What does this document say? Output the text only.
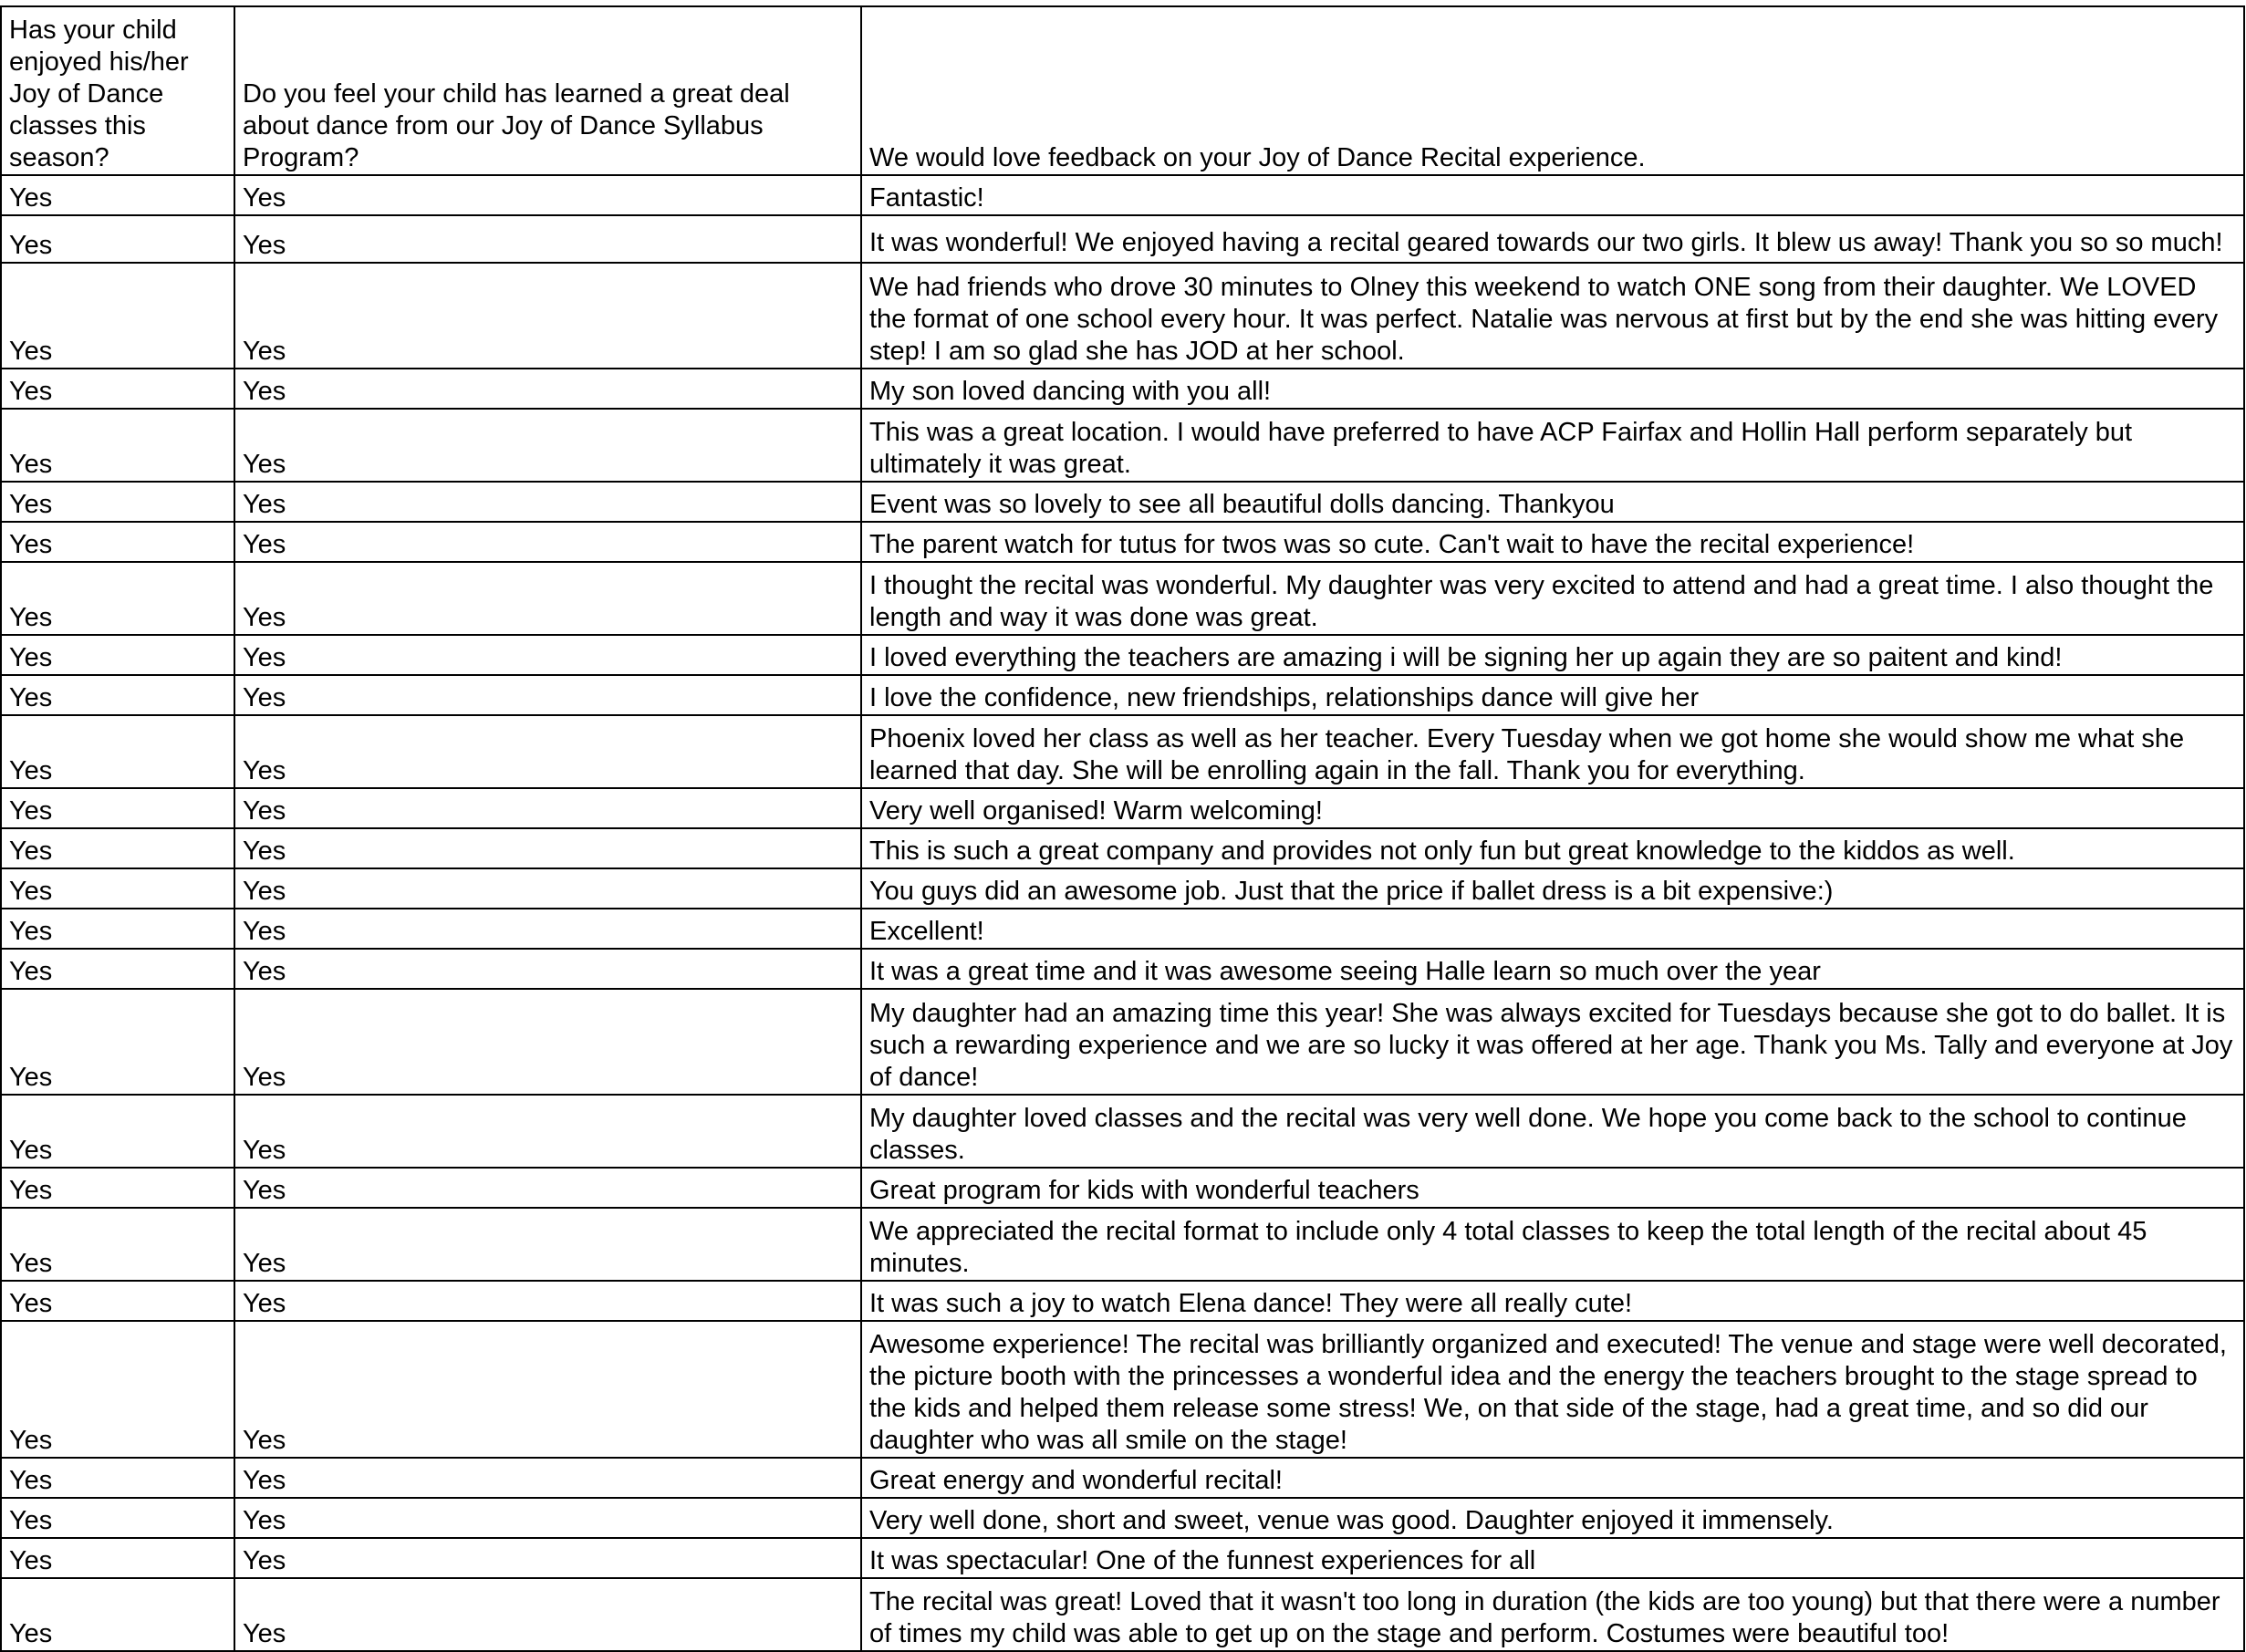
Has your child enjoyed his/her Joy of Dance classes this season?	Do you feel your child has learned a great deal about dance from our Joy of Dance Syllabus Program?	We would love feedback on your Joy of Dance Recital experience.
Yes	Yes	Fantastic!
Yes	Yes	It was wonderful! We enjoyed having a recital geared towards our two girls. It blew us away! Thank you so so much!

Yes	Yes	We had friends who drove 30 minutes to Olney this weekend to watch ONE song from their daughter. We LOVED the format of one school every hour. It was perfect. Natalie was nervous at first but by the end she was hitting every step! I am so glad she has JOD at her school.
Yes	Yes	My son loved dancing with you all!
Yes	Yes	This was a great location. I would have preferred to have ACP Fairfax and Hollin Hall perform separately but ultimately it was great.
Yes	Yes	Event was so lovely to see all beautiful dolls dancing. Thankyou
Yes	Yes	The parent watch for tutus for twos was so cute. Can't wait to have the recital experience!
Yes	Yes	I thought the recital was wonderful. My daughter was very excited to attend and had a great time. I also thought the length and way it was done was great.
Yes	Yes	I loved everything the teachers are amazing i will be signing her up again they are so paitent and kind!
Yes	Yes	I love the confidence, new friendships, relationships dance will give her
Yes	Yes	Phoenix loved her class as well as her teacher. Every Tuesday when we got home she would show me what she learned that day. She will be enrolling again in the fall. Thank you for everything.
Yes	Yes	Very well organised! Warm welcoming!
Yes	Yes	This is such a great company and provides not only fun but great knowledge to the kiddos as well.
Yes	Yes	You guys did an awesome job. Just that the price if ballet dress is a bit expensive:)
Yes	Yes	Excellent!
Yes	Yes	It was a great time and it was awesome seeing Halle learn so much over the year
Yes	Yes	My daughter had an amazing time this year! She was always excited for Tuesdays because she got to do ballet. It is such a rewarding experience and we are so lucky it was offered at her age. Thank you Ms. Tally and everyone at Joy of dance!
Yes	Yes	My daughter loved classes and the recital was very well done. We hope you come back to the school to continue classes.
Yes	Yes	Great program for kids with wonderful teachers
Yes	Yes	We appreciated the recital format to include only 4 total classes to keep the total length of the recital about 45 minutes.
Yes	Yes	It was such a joy to watch Elena dance! They were all really cute!
Yes	Yes	Awesome experience! The recital was brilliantly organized and executed! The venue and stage were well decorated, the picture booth with the princesses a wonderful idea and the energy the teachers brought to the stage spread to the kids and helped them release some stress! We, on that side of the stage, had a great time, and so did our daughter who was all smile on the stage!
Yes	Yes	Great energy and wonderful recital!
Yes	Yes	Very well done, short and sweet, venue was good. Daughter enjoyed it immensely.
Yes	Yes	It was spectacular! One of the funnest experiences for all
Yes	Yes	The recital was great! Loved that it wasn't too long in duration (the kids are too young) but that there were a number of times my child was able to get up on the stage and perform. Costumes were beautiful too!
